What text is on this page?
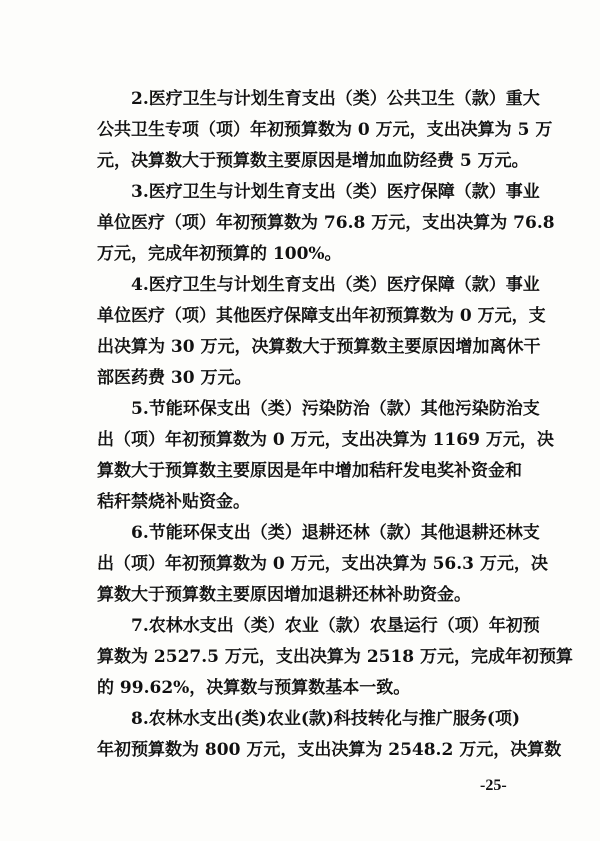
2.医疗卫生与计划生育支出（类）公共卫生（款）重大
公共卫生专项（项）年初预算数为 0 万元，支出决算为 5 万
元，决算数大于预算数主要原因是增加血防经费 5 万元。
3.医疗卫生与计划生育支出（类）医疗保障（款）事业
单位医疗（项）年初预算数为 76.8 万元，支出决算为 76.8
万元，完成年初预算的 100%。
4.医疗卫生与计划生育支出（类）医疗保障（款）事业
单位医疗（项）其他医疗保障支出年初预算数为 0 万元，支
出决算为 30 万元，决算数大于预算数主要原因增加离休干
部医药费 30 万元。
5.节能环保支出（类）污染防治（款）其他污染防治支
出（项）年初预算数为 0 万元，支出决算为 1169 万元，决
算数大于预算数主要原因是年中增加秸秆发电奖补资金和
秸秆禁烧补贴资金。
6.节能环保支出（类）退耕还林（款）其他退耕还林支
出（项）年初预算数为 0 万元，支出决算为 56.3 万元，决
算数大于预算数主要原因增加退耕还林补助资金。
7.农林水支出（类）农业（款）农垦运行（项）年初预
算数为 2527.5 万元，支出决算为 2518 万元，完成年初预算
的 99.62%，决算数与预算数基本一致。
8.农林水支出(类)农业(款)科技转化与推广服务(项)
年初预算数为 800 万元，支出决算为 2548.2 万元，决算数
-25-
